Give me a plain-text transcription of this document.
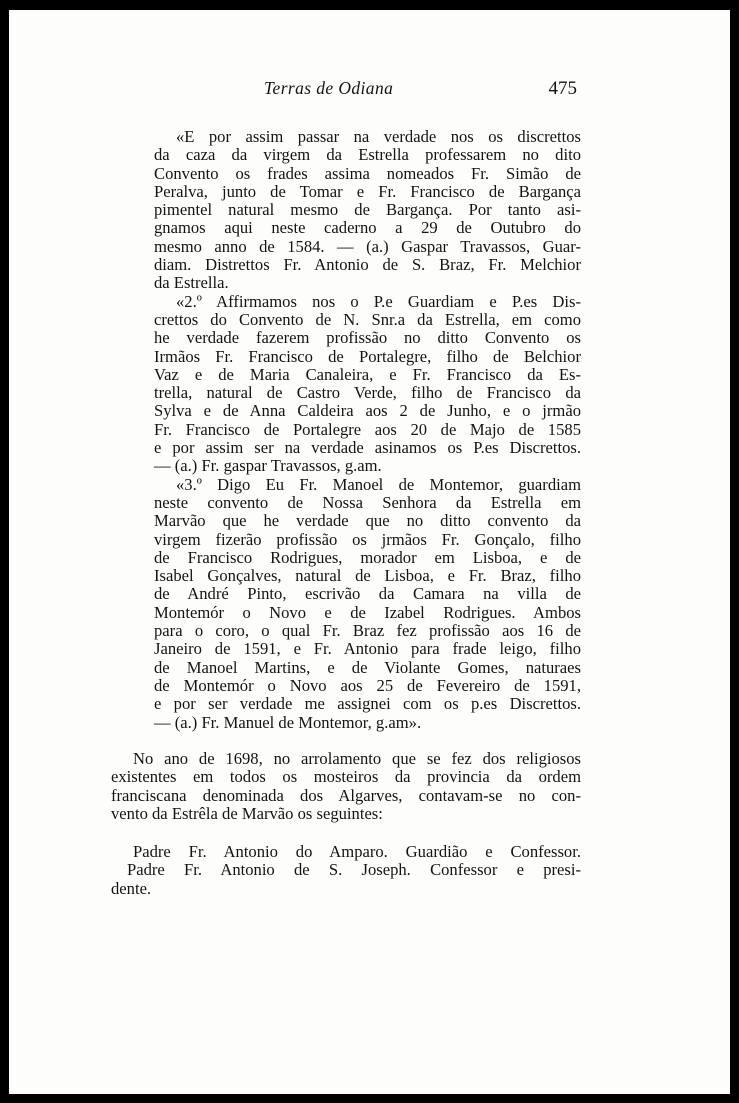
Terras de Odiana	475
«E por assim passar na verdade nos os discrettos
da caza da virgem da Estrella professarem no dito
Convento os frades assima nomeados Fr. Simão de
Peralva, junto de Tomar e Fr. Francisco de Bargança
pimentel natural mesmo de Bargança. Por tanto asi-
gnamos aqui neste caderno a 29 de Outubro do
mesmo anno de 1584. — (a.) Gaspar Travassos, Guar-
diam. Distrettos Fr. Antonio de S. Braz, Fr. Melchior
da Estrella.
«2.º Affirmamos nos o P.e Guardiam e P.es Dis-
crettos do Convento de N. Snr.a da Estrella, em como
he verdade fazerem profissão no ditto Convento os
Irmãos Fr. Francisco de Portalegre, filho de Belchior
Vaz e de Maria Canaleira, e Fr. Francisco da Es-
trella, natural de Castro Verde, filho de Francisco da
Sylva e de Anna Caldeira aos 2 de Junho, e o jrmão
Fr. Francisco de Portalegre aos 20 de Majo de 1585
e por assim ser na verdade asinamos os P.es Discrettos.
— (a.) Fr. gaspar Travassos, g.am.
«3.º Digo Eu Fr. Manoel de Montemor, guardiam
neste convento de Nossa Senhora da Estrella em
Marvão que he verdade que no ditto convento da
virgem fizerão profissão os jrmãos Fr. Gonçalo, filho
de Francisco Rodrigues, morador em Lisboa, e de
Isabel Gonçalves, natural de Lisboa, e Fr. Braz, filho
de André Pinto, escrivão da Camara na villa de
Montemór o Novo e de Izabel Rodrigues. Ambos
para o coro, o qual Fr. Braz fez profissão aos 16 de
Janeiro de 1591, e Fr. Antonio para frade leigo, filho
de Manoel Martins, e de Violante Gomes, naturaes
de Montemór o Novo aos 25 de Fevereiro de 1591,
e por ser verdade me assignei com os p.es Discrettos.
— (a.) Fr. Manuel de Montemor, g.am».
No ano de 1698, no arrolamento que se fez dos religiosos
existentes em todos os mosteiros da provincia da ordem
franciscana denominada dos Algarves, contavam-se no con-
vento da Estrêla de Marvão os seguintes:
Padre Fr. Antonio do Amparo. Guardião e Confessor.
Padre Fr. Antonio de S. Joseph. Confessor e presi-
dente.
